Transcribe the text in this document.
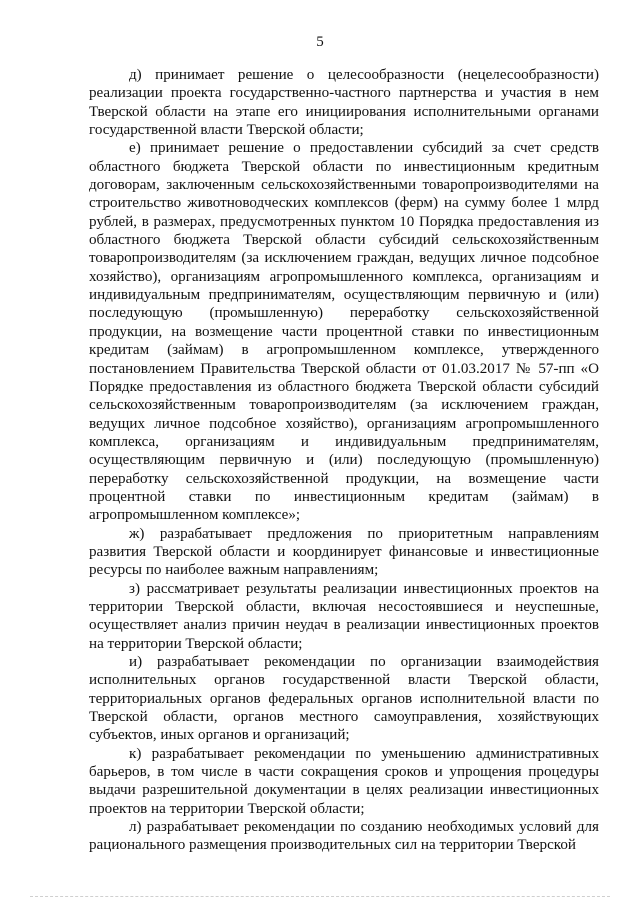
5

д) принимает решение о целесообразности (нецелесообразности) реализации проекта государственно-частного партнерства и участия в нем Тверской области на этапе его инициирования исполнительными органами государственной власти Тверской области;

е) принимает решение о предоставлении субсидий за счет средств областного бюджета Тверской области по инвестиционным кредитным договорам, заключенным сельскохозяйственными товаропроизводителями на строительство животноводческих комплексов (ферм) на сумму более 1 млрд рублей, в размерах, предусмотренных пунктом 10 Порядка предоставления из областного бюджета Тверской области субсидий сельскохозяйственным товаропроизводителям (за исключением граждан, ведущих личное подсобное хозяйство), организациям агропромышленного комплекса, организациям и индивидуальным предпринимателям, осуществляющим первичную и (или) последующую (промышленную) переработку сельскохозяйственной продукции, на возмещение части процентной ставки по инвестиционным кредитам (займам) в агропромышленном комплексе, утвержденного постановлением Правительства Тверской области от 01.03.2017 № 57-пп «О Порядке предоставления из областного бюджета Тверской области субсидий сельскохозяйственным товаропроизводителям (за исключением граждан, ведущих личное подсобное хозяйство), организациям агропромышленного комплекса, организациям и индивидуальным предпринимателям, осуществляющим первичную и (или) последующую (промышленную) переработку сельскохозяйственной продукции, на возмещение части процентной ставки по инвестиционным кредитам (займам) в агропромышленном комплексе»;

ж) разрабатывает предложения по приоритетным направлениям развития Тверской области и координирует финансовые и инвестиционные ресурсы по наиболее важным направлениям;

з) рассматривает результаты реализации инвестиционных проектов на территории Тверской области, включая несостоявшиеся и неуспешные, осуществляет анализ причин неудач в реализации инвестиционных проектов на территории Тверской области;

и) разрабатывает рекомендации по организации взаимодействия исполнительных органов государственной власти Тверской области, территориальных органов федеральных органов исполнительной власти по Тверской области, органов местного самоуправления, хозяйствующих субъектов, иных органов и организаций;

к) разрабатывает рекомендации по уменьшению административных барьеров, в том числе в части сокращения сроков и упрощения процедуры выдачи разрешительной документации в целях реализации инвестиционных проектов на территории Тверской области;

л) разрабатывает рекомендации по созданию необходимых условий для рационального размещения производительных сил на территории Тверской
